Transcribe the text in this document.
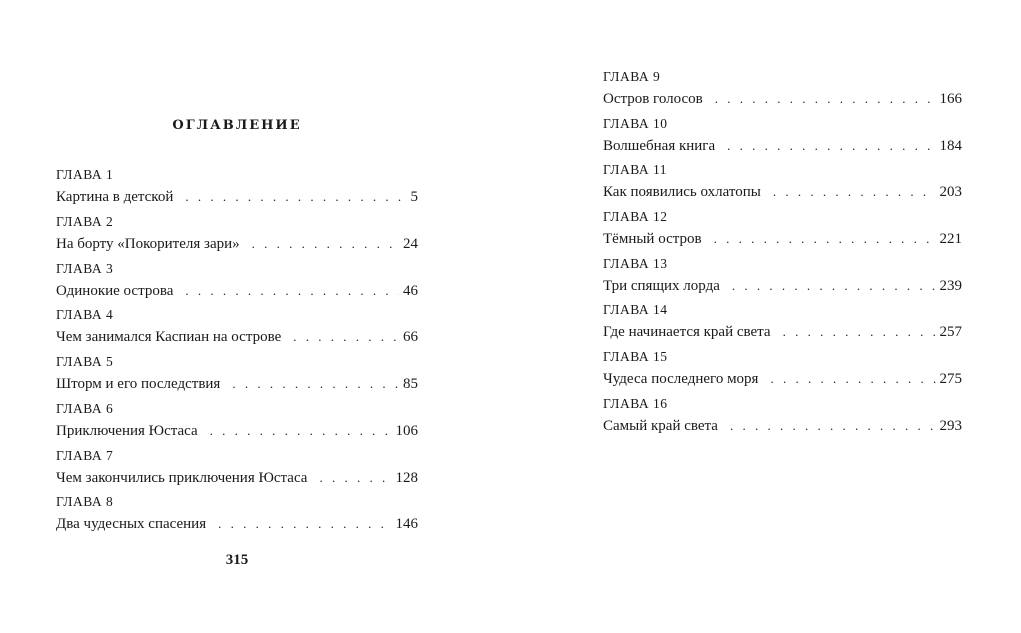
оглавление
ГЛАВА 1
Картина в детской . . .	5
ГЛАВА 2
На борту «Покорителя зари» . . .	24
ГЛАВА 3
Одинокие острова . . .	46
ГЛАВА 4
Чем занимался Каспиан на острове . . .	66
ГЛАВА 5
Шторм и его последствия . . .	85
ГЛАВА 6
Приключения Юстаса . . .	106
ГЛАВА 7
Чем закончились приключения Юстаса . . .	128
ГЛАВА 8
Два чудесных спасения . . .	146
ГЛАВА 9
Остров голосов . . .	166
ГЛАВА 10
Волшебная книга . . .	184
ГЛАВА 11
Как появились охлатопы . . .	203
ГЛАВА 12
Тёмный остров . . .	221
ГЛАВА 13
Три спящих лорда . . .	239
ГЛАВА 14
Где начинается край света . . .	257
ГЛАВА 15
Чудеса последнего моря . . .	275
ГЛАВА 16
Самый край света . . .	293
315
